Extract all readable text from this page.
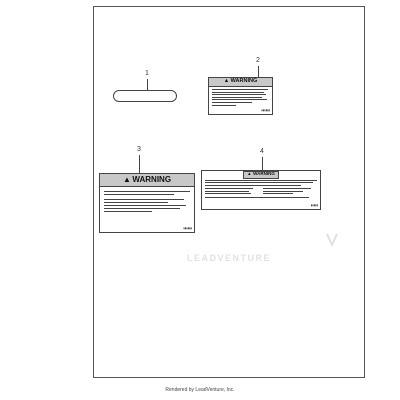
1
2
▲ WARNING
▮▮▮▮▮▮
3
▲ WARNING
▮▮▮▮▮▮
4
▲ WARNING
▮▮▮▮▮
LEADVENTURE
Rendered by LeadVenture, Inc.
